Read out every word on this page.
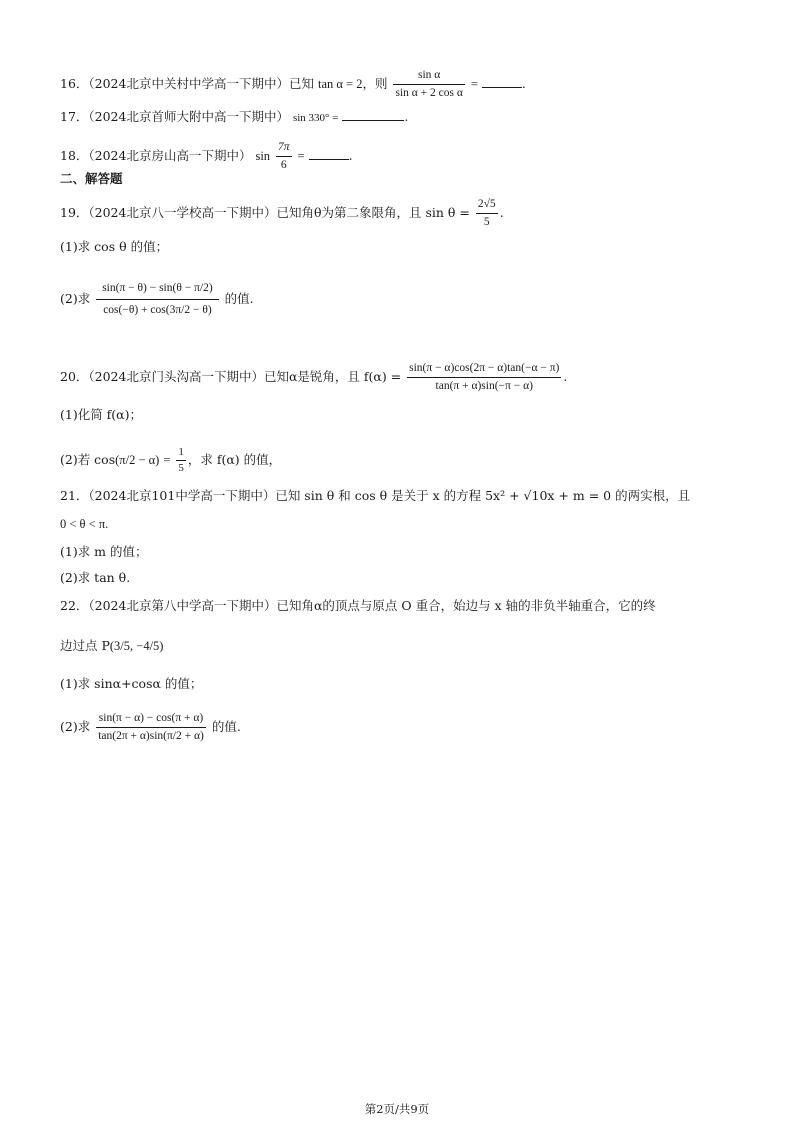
16．（2024北京中关村中学高一下期中）已知 tan α = 2，则 $\frac{\text{sin α}}{\text{sin α + 2 cos α}}$ =	.
17．（2024北京首师大附中高一下期中） sin 330° =	.
18．（2024北京房山高一下期中） $\sin \frac{7\pi}{6}$ =	.
二、解答题
19．（2024北京八一学校高一下期中）已知角θ为第二象限角，且 $\sin \theta = \frac{2√5}{5}$ .
(1)求 cos θ 的值；
(2)求 $\frac{\sin(\pi - \theta) - \sin(\theta - \pi/2)}{\cos(-\theta) + \cos(3\pi/2 - \theta)}$ 的值.
20．（2024北京门头沟高一下期中）已知α是锐角，且 $f(\alpha) = \frac{\sin(\pi - \alpha)\cos(2\pi - \alpha)\tan(-\alpha - \pi)}{\tan(\pi + \alpha)\sin(-\pi - \alpha)}$ .
(1)化简 f(α)；
(2)若 $\cos(\pi/2 - \alpha) = \frac{1}{5}$ ，求 f(α) 的值，
21．（2024北京101中学高一下期中）已知 sin θ 和 cos θ 是关于 x 的方程 5x² + √10x + m = 0 的两实根，且
0 < θ < π.
(1)求 m 的值；
(2)求 tan θ.
22．（2024北京第八中学高一下期中）已知角α的顶点与原点 O 重合，始边与 x 轴的非负半轴重合，它的终
边过点 P(3/5, −4/5)
(1)求 sinα+cosα 的值；
(2)求 $\frac{\sin(\pi - \alpha) - \cos(\pi + \alpha)}{\tan(2\pi + \alpha)\sin(\pi/2 + \alpha)}$ 的值.
第2页/共9页
